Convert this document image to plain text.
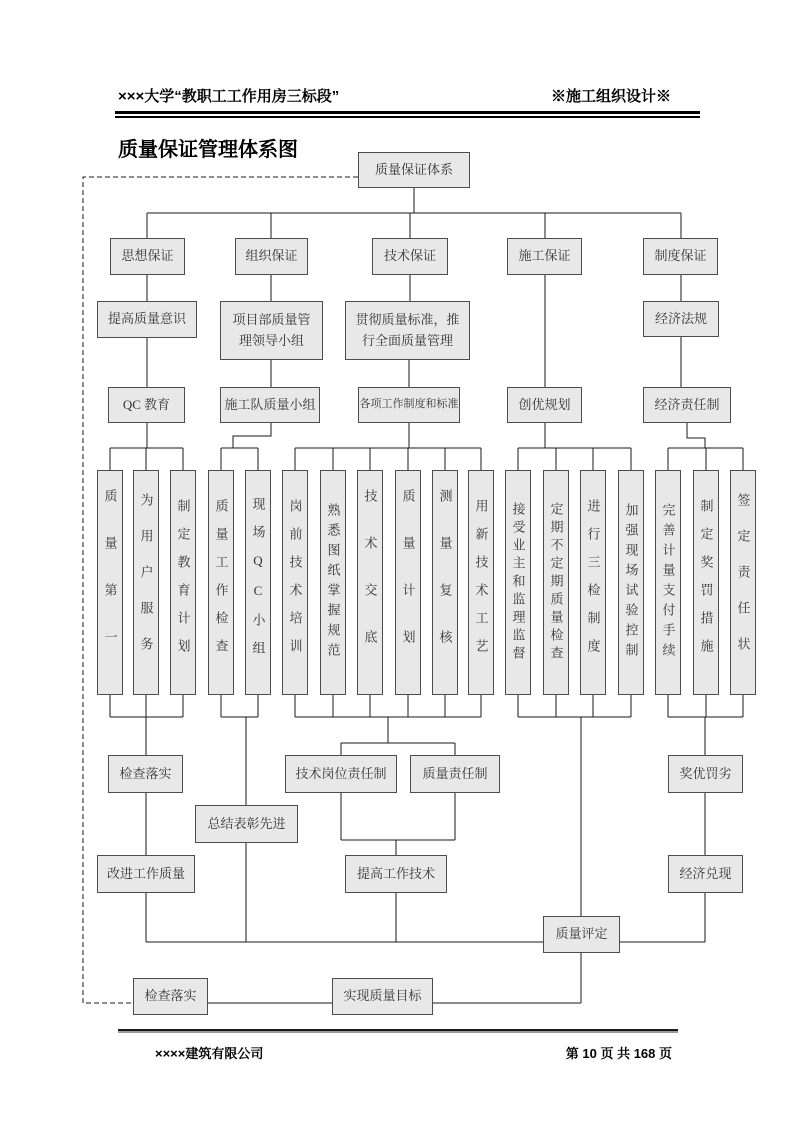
×××大学“教职工工作用房三标段”	※施工组织设计※
质量保证管理体系图
质量保证体系
思想保证	组织保证	技术保证	施工保证	制度保证
提高质量意识	项目部质量管理领导小组
贯彻质量标准，推行全面质量管理
经济法规
QC 教育	施工队质量小组	各项工作制度和标准	创优规划	经济责任制
质量第一 为用户服务 制定教育计划 质量工作检查 现场QC小组 岗前技术培训 熟悉图纸掌握规范 技术交底 质量计划 测量复核 用新技术工艺 接受业主和监理监督 定期不定期质量检查 进行三检制度 加强现场试验控制 完善计量支付手续 制定奖罚措施 签定责任状
检查落实	技术岗位责任制	质量责任制	奖优罚劣
总结表彰先进
改进工作质量	提高工作技术	经济兑现
质量评定
检查落实	实现质量目标
××××建筑有限公司	第 10 页 共 168 页
